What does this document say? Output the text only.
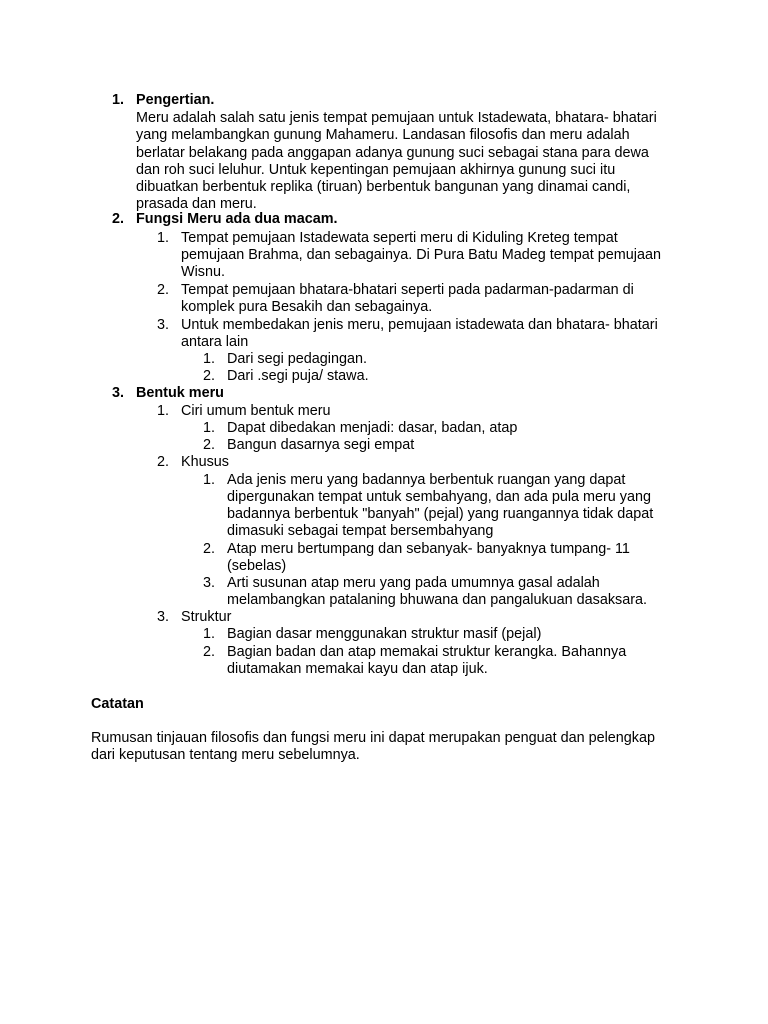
1. Pengertian.
Meru adalah salah satu jenis tempat pemujaan untuk Istadewata, bhatara- bhatari
yang melambangkan gunung Mahameru. Landasan filosofis dan meru adalah
berlatar belakang pada anggapan adanya gunung suci sebagai stana para dewa
dan roh suci leluhur. Untuk kepentingan pemujaan akhirnya gunung suci itu
dibuatkan berbentuk replika (tiruan) berbentuk bangunan yang dinamai candi,
prasada dan meru.
2. Fungsi Meru ada dua macam.
1. Tempat pemujaan Istadewata seperti meru di Kiduling Kreteg tempat
pemujaan Brahma, dan sebagainya. Di Pura Batu Madeg tempat pemujaan
Wisnu.
2. Tempat pemujaan bhatara-bhatari seperti pada padarman-padarman di
komplek pura Besakih dan sebagainya.
3. Untuk membedakan jenis meru, pemujaan istadewata dan bhatara- bhatari
antara lain
1. Dari segi pedagingan.
2. Dari .segi puja/ stawa.
3. Bentuk meru
1. Ciri umum bentuk meru
1. Dapat dibedakan menjadi: dasar, badan, atap
2. Bangun dasarnya segi empat
2. Khusus
1. Ada jenis meru yang badannya berbentuk ruangan yang dapat
dipergunakan tempat untuk sembahyang, dan ada pula meru yang
badannya berbentuk "banyah" (pejal) yang ruangannya tidak dapat
dimasuki sebagai tempat bersembahyang
2. Atap meru bertumpang dan sebanyak- banyaknya tumpang- 11
(sebelas)
3. Arti susunan atap meru yang pada umumnya gasal adalah
melambangkan patalaning bhuwana dan pangalukuan dasaksara.
3. Struktur
1. Bagian dasar menggunakan struktur masif (pejal)
2. Bagian badan dan atap memakai struktur kerangka. Bahannya
diutamakan memakai kayu dan atap ijuk.
Catatan
Rumusan tinjauan filosofis dan fungsi meru ini dapat merupakan penguat dan pelengkap
dari keputusan tentang meru sebelumnya.
